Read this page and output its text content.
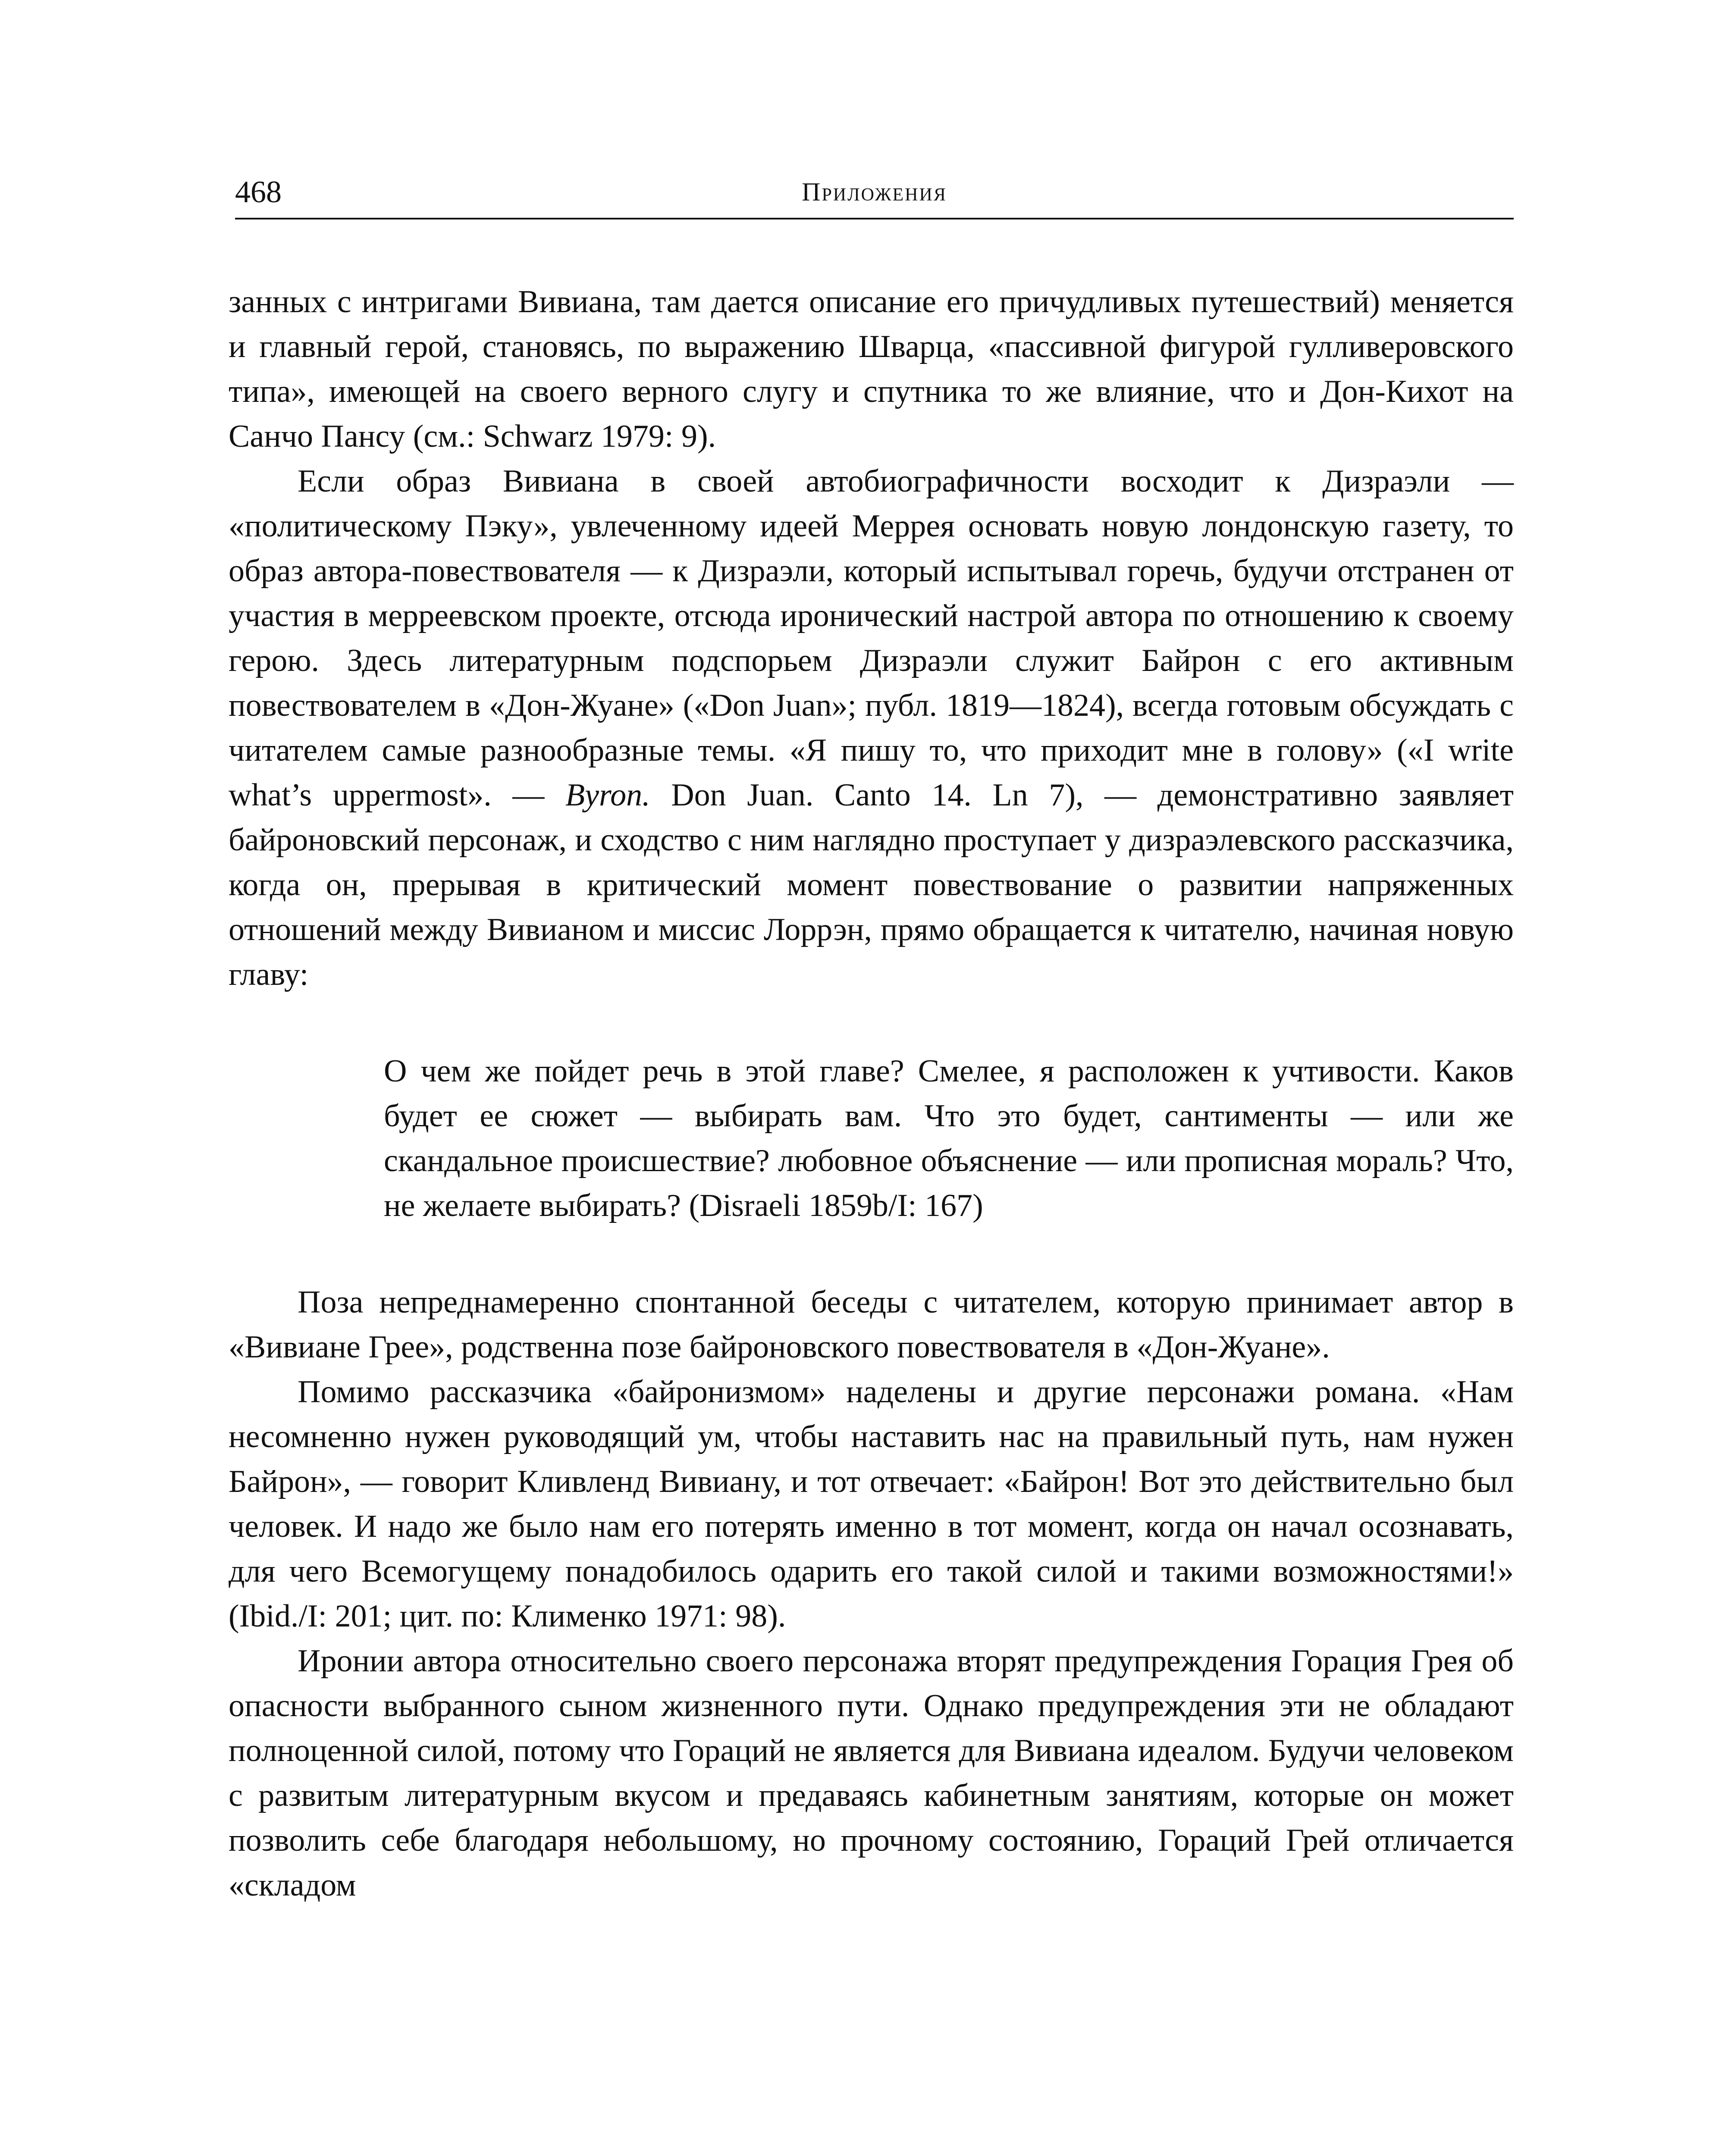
468	Приложения

занных с интригами Вивиана, там дается описание его причудливых путешествий) меняется и главный герой, становясь, по выражению Шварца, «пассивной фигурой гулливеровского типа», имеющей на своего верного слугу и спутника то же влияние, что и Дон-Кихот на Санчо Пансу (см.: Schwarz 1979: 9).

Если образ Вивиана в своей автобиографичности восходит к Дизраэли — «политическому Пэку», увлеченному идеей Меррея основать новую лондонскую газету, то образ автора-повествователя — к Дизраэли, который испытывал горечь, будучи отстранен от участия в мерреевском проекте, отсюда иронический настрой автора по отношению к своему герою. Здесь литературным подспорьем Дизраэли служит Байрон с его активным повествователем в «Дон-Жуане» («Don Juan»; публ. 1819—1824), всегда готовым обсуждать с читателем самые разнообразные темы. «Я пишу то, что приходит мне в голову» («I write what’s uppermost». — Byron. Don Juan. Canto 14. Ln 7), — демонстративно заявляет байроновский персонаж, и сходство с ним наглядно проступает у дизраэлевского рассказчика, когда он, прерывая в критический момент повествование о развитии напряженных отношений между Вивианом и миссис Лоррэн, прямо обращается к читателю, начиная новую главу:

О чем же пойдет речь в этой главе? Смелее, я расположен к учтивости. Каков будет ее сюжет — выбирать вам. Что это будет, сантименты — или же скандальное происшествие? любовное объяснение — или прописная мораль? Что, не желаете выбирать? (Disraeli 1859b/I: 167)

Поза непреднамеренно спонтанной беседы с читателем, которую принимает автор в «Вивиане Грее», родственна позе байроновского повествователя в «Дон-Жуане».

Помимо рассказчика «байронизмом» наделены и другие персонажи романа. «Нам несомненно нужен руководящий ум, чтобы наставить нас на правильный путь, нам нужен Байрон», — говорит Кливленд Вивиану, и тот отвечает: «Байрон! Вот это действительно был человек. И надо же было нам его потерять именно в тот момент, когда он начал осознавать, для чего Всемогущему понадобилось одарить его такой силой и такими возможностями!» (Ibid./I: 201; цит. по: Клименко 1971: 98).

Иронии автора относительно своего персонажа вторят предупреждения Горация Грея об опасности выбранного сыном жизненного пути. Однако предупреждения эти не обладают полноценной силой, потому что Гораций не является для Вивиана идеалом. Будучи человеком с развитым литературным вкусом и предаваясь кабинетным занятиям, которые он может позволить себе благодаря небольшому, но прочному состоянию, Гораций Грей отличается «складом
